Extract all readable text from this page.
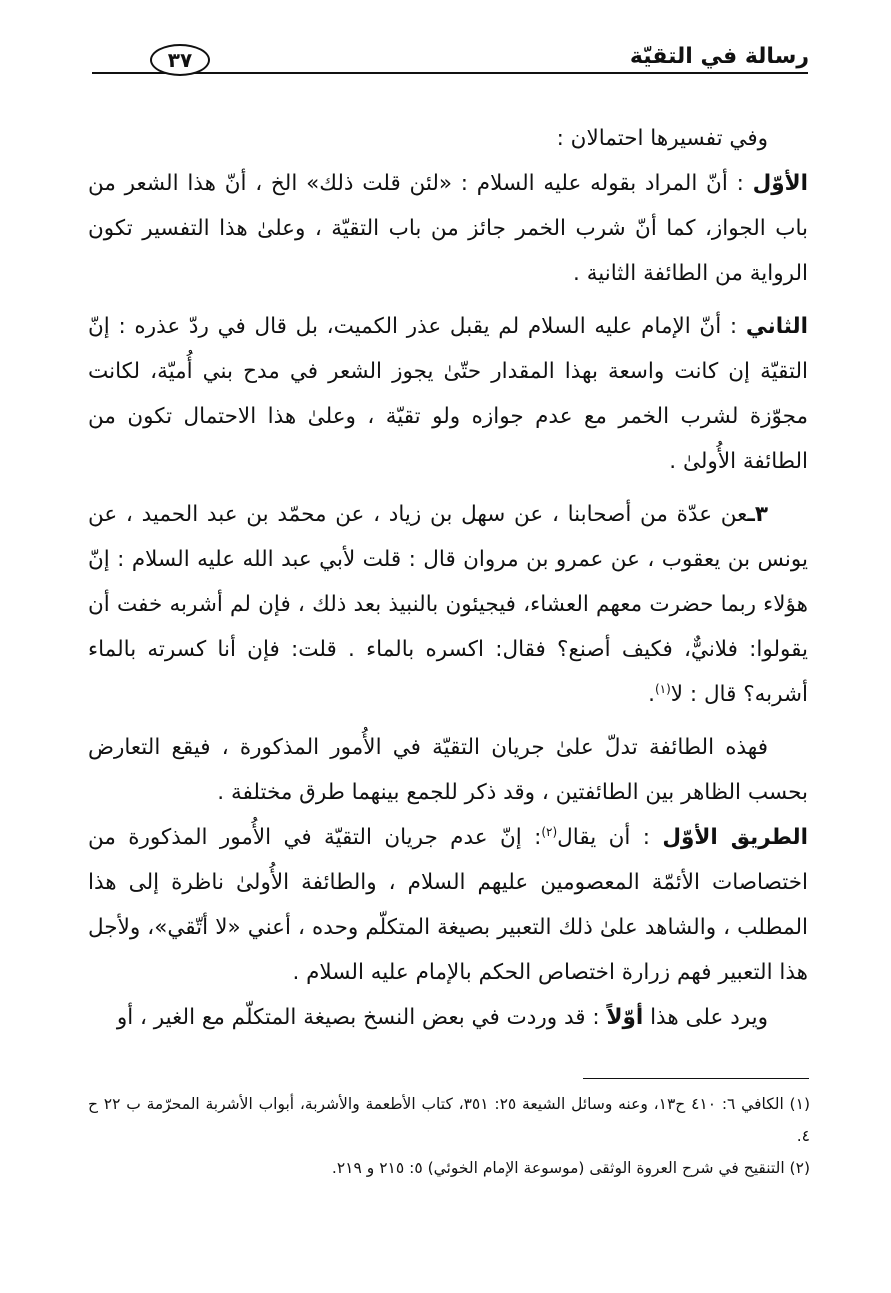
رسالة في التقيّة
٣٧

وفي تفسيرها احتمالان :

الأوّل : أنّ المراد بقوله عليه السلام : «لئن قلت ذلك» الخ ، أنّ هذا الشعر من باب الجواز، كما أنّ شرب الخمر جائز من باب التقيّة ، وعلىٰ هذا التفسير تكون الرواية من الطائفة الثانية .

الثاني : أنّ الإمام عليه السلام لم يقبل عذر الكميت، بل قال في ردّ عذره : إنّ التقيّة إن كانت واسعة بهذا المقدار حتّىٰ يجوز الشعر في مدح بني أُميّة، لكانت مجوّزة لشرب الخمر مع عدم جوازه ولو تقيّة ، وعلىٰ هذا الاحتمال تكون من الطائفة الأُولىٰ .

٣ـعن عدّة من أصحابنا ، عن سهل بن زياد ، عن محمّد بن عبد الحميد ، عن يونس بن يعقوب ، عن عمرو بن مروان قال : قلت لأبي عبد الله عليه السلام : إنّ هؤلاء ربما حضرت معهم العشاء، فيجيئون بالنبيذ بعد ذلك ، فإن لم أشربه خفت أن يقولوا: فلانيٌّ، فكيف أصنع؟ فقال: اكسره بالماء . قلت: فإن أنا كسرته بالماء أشربه؟ قال : لا$^{(١)}$.

فهذه الطائفة تدلّ علىٰ جريان التقيّة في الأُمور المذكورة ، فيقع التعارض بحسب الظاهر بين الطائفتين ، وقد ذكر للجمع بينهما طرق مختلفة .

الطريق الأوّل : أن يقال$^{(٢)}$: إنّ عدم جريان التقيّة في الأُمور المذكورة من اختصاصات الأئمّة المعصومين عليهم السلام ، والطائفة الأُولىٰ ناظرة إلى هذا المطلب ، والشاهد علىٰ ذلك التعبير بصيغة المتكلّم وحده ، أعني «لا أتّقي»، ولأجل هذا التعبير فهم زرارة اختصاص الحكم بالإمام عليه السلام .

ويرد على هذا أوّلاً : قد وردت في بعض النسخ بصيغة المتكلّم مع الغير ، أو

(١) الكافي ٦: ٤١٠ ح١٣، وعنه وسائل الشيعة ٢٥: ٣٥١، كتاب الأطعمة والأشربة، أبواب الأشربة المحرّمة ب ٢٢ ح ٤.

(٢) التنقيح في شرح العروة الوثقى (موسوعة الإمام الخوئي) ٥: ٢١٥ و ٢١٩.
